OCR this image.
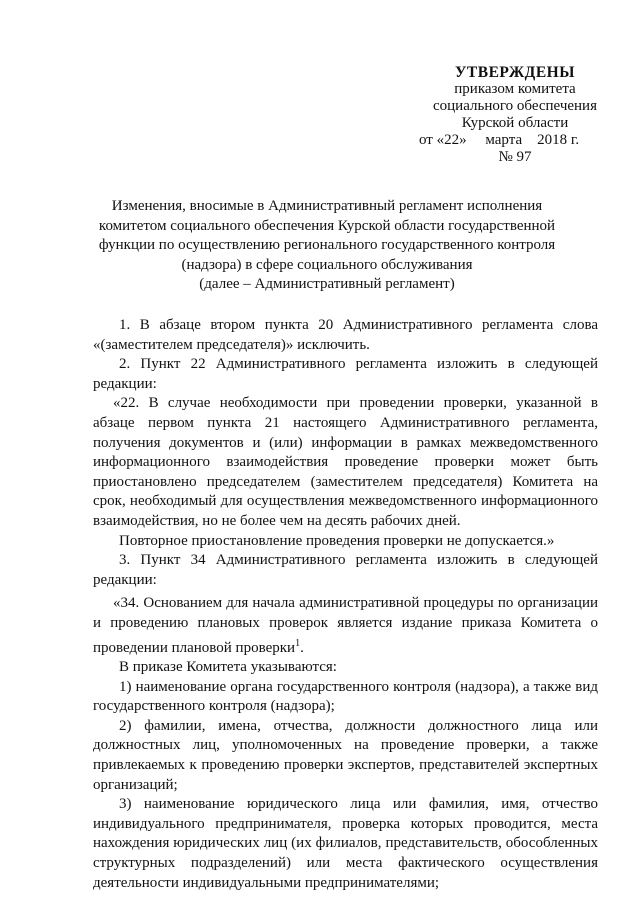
УТВЕРЖДЕНЫ
приказом комитета
социального обеспечения
Курской области
от «22»     марта    2018 г.
№ 97
Изменения, вносимые в Административный регламент исполнения
комитетом социального обеспечения Курской области государственной
функции по осуществлению регионального государственного контроля
(надзора) в сфере социального обслуживания
(далее – Административный регламент)

1. В абзаце втором пункта 20 Административного регламента слова «(заместителем председателя)» исключить.

2. Пункт 22 Административного регламента изложить в следующей редакции:

«22. В случае необходимости при проведении проверки, указанной в абзаце первом пункта 21 настоящего Административного регламента, получения документов и (или) информации в рамках межведомственного информационного взаимодействия проведение проверки может быть приостановлено председателем (заместителем председателя) Комитета на срок, необходимый для осуществления межведомственного информационного взаимодействия, но не более чем на десять рабочих дней.

Повторное приостановление проведения проверки не допускается.»

3. Пункт 34 Административного регламента изложить в следующей редакции:

«34. Основанием для начала административной процедуры по организации и проведению плановых проверок является издание приказа Комитета о проведении плановой проверки$^1$.

В приказе Комитета указываются:

1) наименование органа государственного контроля (надзора), а также вид государственного контроля (надзора);

2) фамилии, имена, отчества, должности должностного лица или должностных лиц, уполномоченных на проведение проверки, а также привлекаемых к проведению проверки экспертов, представителей экспертных организаций;

3) наименование юридического лица или фамилия, имя, отчество индивидуального предпринимателя, проверка которых проводится, места нахождения юридических лиц (их филиалов, представительств, обособленных структурных подразделений) или места фактического осуществления деятельности индивидуальными предпринимателями;
